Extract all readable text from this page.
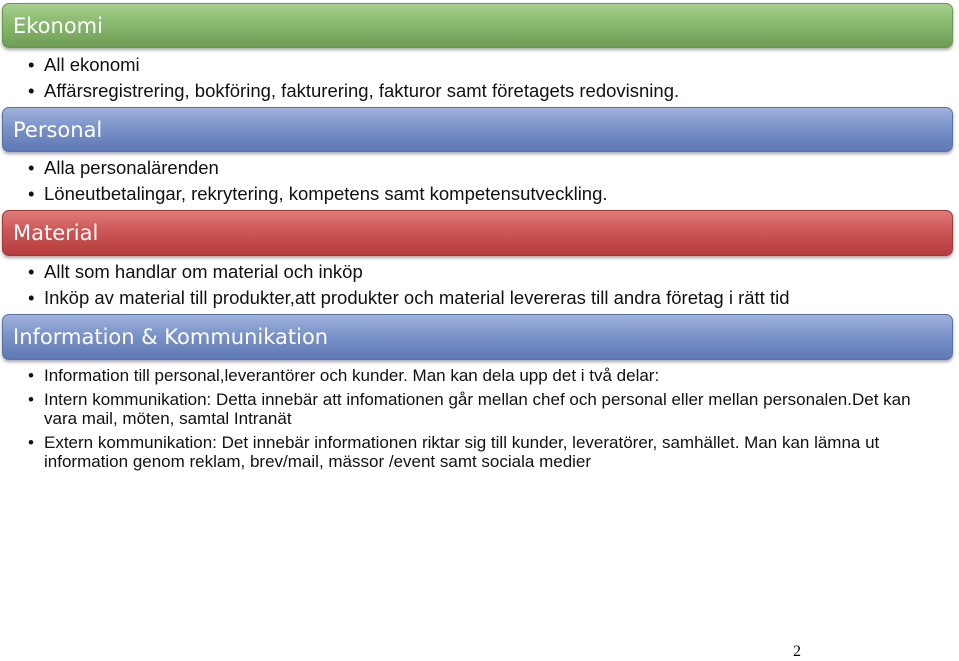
Ekonomi
• All ekonomi
• Affärsregistrering, bokföring, fakturering, fakturor samt företagets redovisning.
Personal
• Alla personalärenden
• Löneutbetalingar, rekrytering, kompetens samt kompetensutveckling.
Material
• Allt som handlar om material och inköp
• Inköp av material till produkter,att produkter och material levereras till andra företag i rätt tid
Information & Kommunikation
• Information till personal,leverantörer och kunder. Man kan dela upp det i två delar:
• Intern kommunikation: Detta innebär att infomationen går mellan chef och personal eller mellan personalen.Det kan vara mail, möten, samtal Intranät
• Extern kommunikation: Det innebär informationen riktar sig till kunder, leveratörer, samhället. Man kan lämna ut information genom reklam, brev/mail, mässor /event samt sociala medier
2
